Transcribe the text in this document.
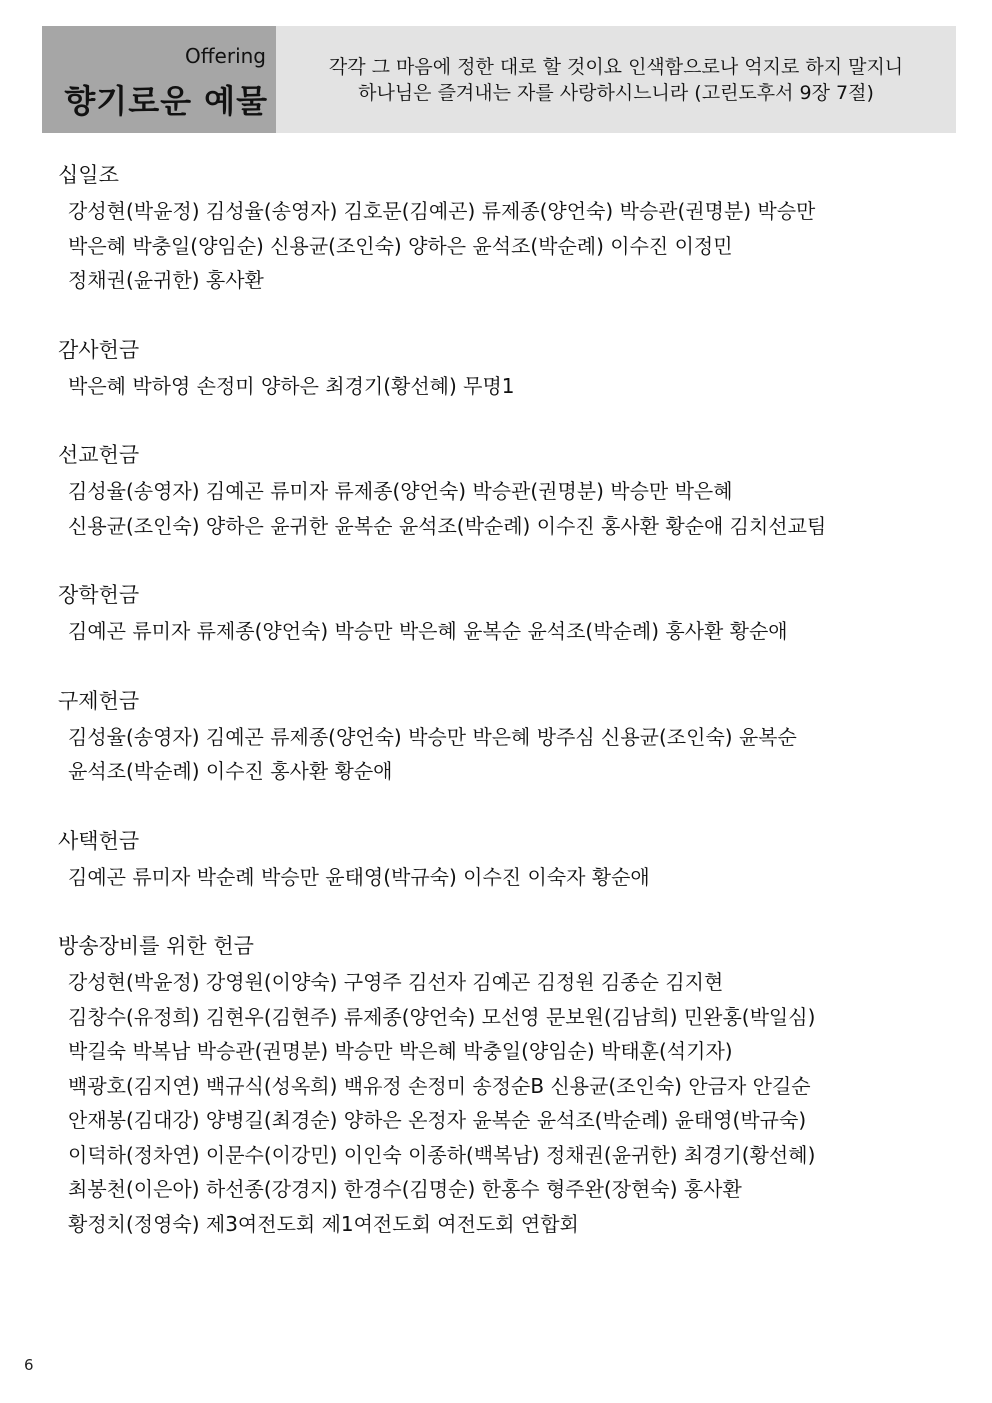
Offering
향기로운 예물
각각 그 마음에 정한 대로 할 것이요 인색함으로나 억지로 하지 말지니
하나님은 즐겨내는 자를 사랑하시느니라 (고린도후서 9장 7절)
십일조
강성현(박윤정) 김성율(송영자) 김호문(김예곤) 류제종(양언숙) 박승관(권명분) 박승만
박은혜 박충일(양임순) 신용균(조인숙) 양하은 윤석조(박순례) 이수진 이정민
정채권(윤귀한) 홍사환
감사헌금
박은혜 박하영 손정미 양하은 최경기(황선혜) 무명1
선교헌금
김성율(송영자) 김예곤 류미자 류제종(양언숙) 박승관(권명분) 박승만 박은혜
신용균(조인숙) 양하은 윤귀한 윤복순 윤석조(박순례) 이수진 홍사환 황순애 김치선교팀
장학헌금
김예곤 류미자 류제종(양언숙) 박승만 박은혜 윤복순 윤석조(박순례) 홍사환 황순애
구제헌금
김성율(송영자) 김예곤 류제종(양언숙) 박승만 박은혜 방주심 신용균(조인숙) 윤복순
윤석조(박순례) 이수진 홍사환 황순애
사택헌금
김예곤 류미자 박순례 박승만 윤태영(박규숙) 이수진 이숙자 황순애
방송장비를 위한 헌금
강성현(박윤정) 강영원(이양숙) 구영주 김선자 김예곤 김정원 김종순 김지현
김창수(유정희) 김현우(김현주) 류제종(양언숙) 모선영 문보원(김남희) 민완홍(박일심)
박길숙 박복남 박승관(권명분) 박승만 박은혜 박충일(양임순) 박태훈(석기자)
백광호(김지연) 백규식(성옥희) 백유정 손정미 송정순B 신용균(조인숙) 안금자 안길순
안재봉(김대강) 양병길(최경순) 양하은 온정자 윤복순 윤석조(박순례) 윤태영(박규숙)
이덕하(정차연) 이문수(이강민) 이인숙 이종하(백복남) 정채권(윤귀한) 최경기(황선혜)
최봉천(이은아) 하선종(강경지) 한경수(김명순) 한홍수 형주완(장현숙) 홍사환
황정치(정영숙) 제3여전도회 제1여전도회 여전도회 연합회
6
